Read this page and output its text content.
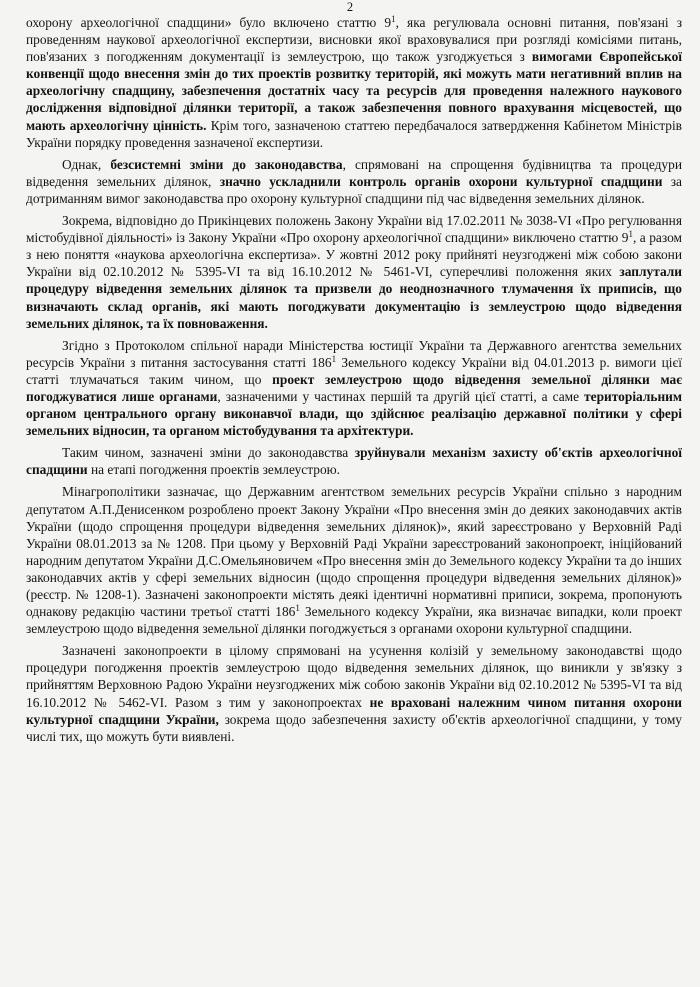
2

охорону археологічної спадщини» було включено статтю $9^1$, яка регулювала основні питання, пов'язані з проведенням наукової археологічної експертизи, висновки якої враховувалися при розгляді комісіями питань, пов'язаних з погодженням документації із землеустрою, що також узгоджується з вимогами Європейської конвенції щодо внесення змін до тих проектів розвитку територій, які можуть мати негативний вплив на археологічну спадщину, забезпечення достатніх часу та ресурсів для проведення належного наукового дослідження відповідної ділянки території, а також забезпечення повного врахування місцевостей, що мають археологічну цінність. Крім того, зазначеною статтею передбачалося затвердження Кабінетом Міністрів України порядку проведення зазначеної експертизи.

Однак, безсистемні зміни до законодавства, спрямовані на спрощення будівництва та процедури відведення земельних ділянок, значно ускладнили контроль органів охорони культурної спадщини за дотриманням вимог законодавства про охорону культурної спадщини під час відведення земельних ділянок.

Зокрема, відповідно до Прикінцевих положень Закону України від 17.02.2011 № 3038-VI «Про регулювання містобудівної діяльності» із Закону України «Про охорону археологічної спадщини» виключено статтю $9^1$, а разом з нею поняття «наукова археологічна експертиза». У жовтні 2012 року прийняті неузгоджені між собою закони України від 02.10.2012 № 5395-VI та від 16.10.2012 № 5461-VI, суперечливі положення яких заплутали процедуру відведення земельних ділянок та призвели до неоднозначного тлумачення їх приписів, що визначають склад органів, які мають погоджувати документацію із землеустрою щодо відведення земельних ділянок, та їх повноваження.

Згідно з Протоколом спільної наради Міністерства юстиції України та Державного агентства земельних ресурсів України з питання застосування статті $186^1$ Земельного кодексу України від 04.01.2013 р. вимоги цієї статті тлумачаться таким чином, що проект землеустрою щодо відведення земельної ділянки має погоджуватися лише органами, зазначеними у частинах першій та другій цієї статті, а саме територіальним органом центрального органу виконавчої влади, що здійснює реалізацію державної політики у сфері земельних відносин, та органом містобудування та архітектури.

Таким чином, зазначені зміни до законодавства зруйнували механізм захисту об'єктів археологічної спадщини на етапі погодження проектів землеустрою.

Мінагрополітики зазначає, що Державним агентством земельних ресурсів України спільно з народним депутатом А.П.Денисенком розроблено проект Закону України «Про внесення змін до деяких законодавчих актів України (щодо спрощення процедури відведення земельних ділянок)», який зареєстровано у Верховній Раді України 08.01.2013 за № 1208. При цьому у Верховній Раді України зареєстрований законопроект, ініційований народним депутатом України Д.С.Омельяновичем «Про внесення змін до Земельного кодексу України та до інших законодавчих актів у сфері земельних відносин (щодо спрощення процедури відведення земельних ділянок)» (реєстр. № 1208-1). Зазначені законопроекти містять деякі ідентичні нормативні приписи, зокрема, пропонують однакову редакцію частини третьої статті $186^1$ Земельного кодексу України, яка визначає випадки, коли проект землеустрою щодо відведення земельної ділянки погоджується з органами охорони культурної спадщини.

Зазначені законопроекти в цілому спрямовані на усунення колізій у земельному законодавстві щодо процедури погодження проектів землеустрою щодо відведення земельних ділянок, що виникли у зв'язку з прийняттям Верховною Радою України неузгоджених між собою законів України від 02.10.2012 № 5395-VI та від 16.10.2012 № 5462-VI. Разом з тим у законопроектах не враховані належним чином питання охорони культурної спадщини України, зокрема щодо забезпечення захисту об'єктів археологічної спадщини, у тому числі тих, що можуть бути виявлені.
